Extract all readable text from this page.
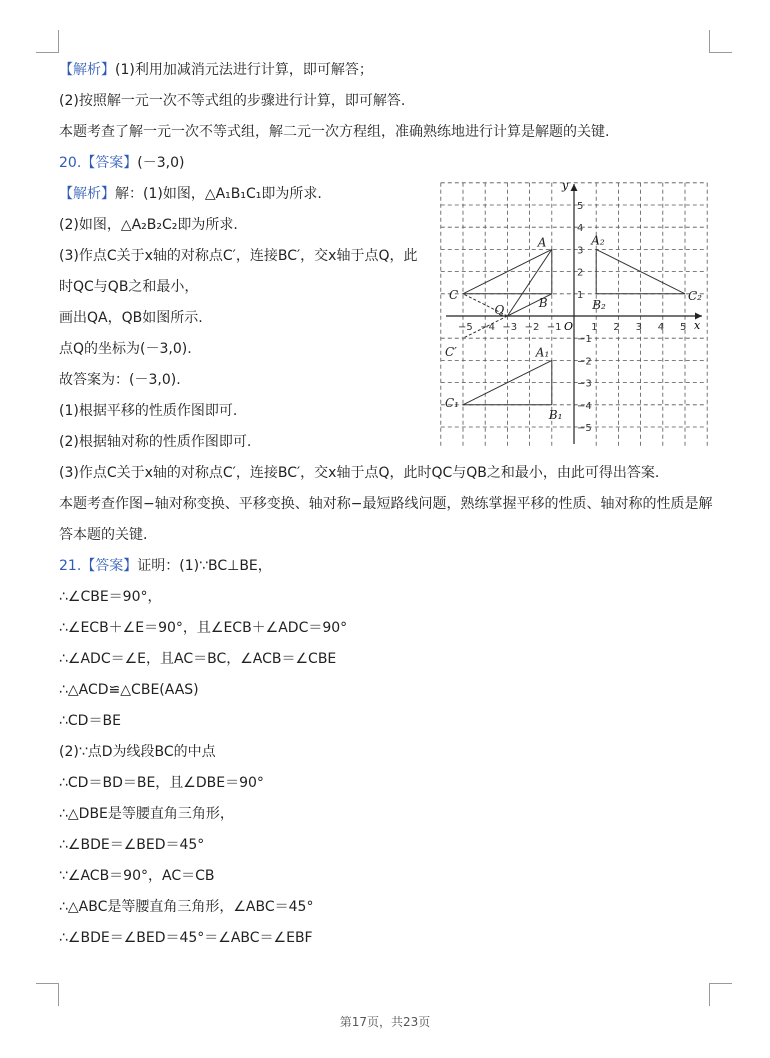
【解析】(1)利用加减消元法进行计算，即可解答；
(2)按照解一元一次不等式组的步骤进行计算，即可解答.
本题考查了解一元一次不等式组，解二元一次方程组，准确熟练地进行计算是解题的关键.
20.【答案】(－3,0)
【解析】解：(1)如图，△A₁B₁C₁即为所求.
(2)如图，△A₂B₂C₂即为所求.
(3)作点C关于x轴的对称点C′，连接BC′，交x轴于点Q，此
时QC与QB之和最小，
画出QA，QB如图所示.
点Q的坐标为(－3,0).
故答案为：(－3,0).
(1)根据平移的性质作图即可.
(2)根据轴对称的性质作图即可.
(3)作点C关于x轴的对称点C′，连接BC′，交x轴于点Q，此时QC与QB之和最小，由此可得出答案.
本题考查作图−轴对称变换、平移变换、轴对称−最短路线问题，熟练掌握平移的性质、轴对称的性质是解
答本题的关键.
21.【答案】证明：(1)∵BC⊥BE，
∴∠CBE＝90°，
∴∠ECB＋∠E＝90°，且∠ECB＋∠ADC＝90°
∴∠ADC＝∠E，且AC＝BC，∠ACB＝∠CBE
∴△ACD≌△CBE(AAS)
∴CD＝BE
(2)∵点D为线段BC的中点
∴CD＝BD＝BE，且∠DBE＝90°
∴△DBE是等腰直角三角形，
∴∠BDE＝∠BED＝45°
∵∠ACB＝90°，AC＝CB
∴△ABC是等腰直角三角形，∠ABC＝45°
∴∠BDE＝∠BED＝45°＝∠ABC＝∠EBF
x
y
O
−5 −4 −3 −2 −1	1 2 3 4 5
5
4
3
2
1
−1
−2
−3
−4
−5
A
B
C
C′
Q
A₁
B₁
C₁
A₂
B₂
C₂
第17页，共23页
